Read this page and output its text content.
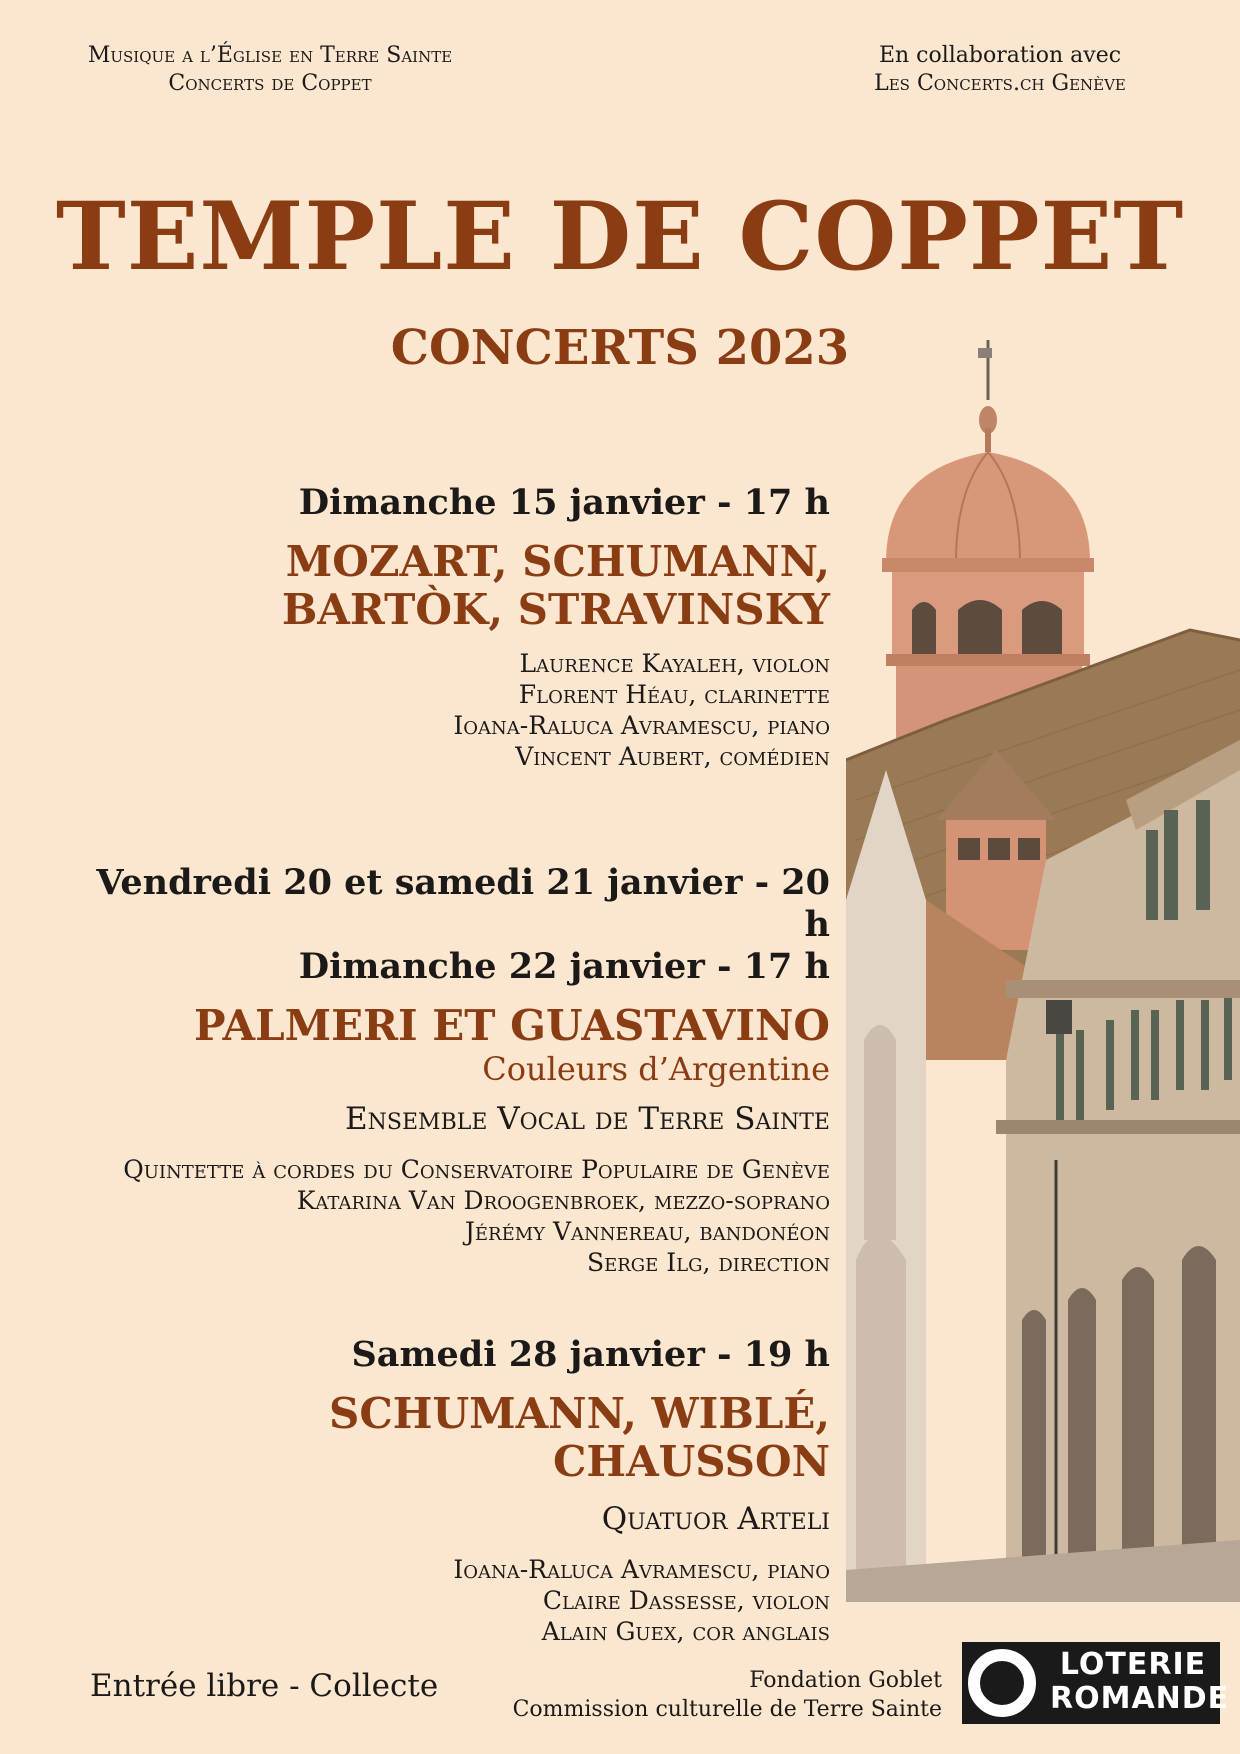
Musique a l’Église en Terre Sainte
Concerts de Coppet
En collaboration avec
Les Concerts.ch Genève
TEMPLE DE COPPET
CONCERTS 2023
Dimanche 15 janvier - 17 h
MOZART, SCHUMANN,
BARTÒK, STRAVINSKY
Laurence Kayaleh, violon
Florent Héau, clarinette
Ioana-Raluca Avramescu, piano
Vincent Aubert, comédien
Vendredi 20 et samedi 21 janvier - 20 h
Dimanche 22 janvier - 17 h
PALMERI ET GUASTAVINO
Couleurs d’Argentine
Ensemble Vocal de Terre Sainte
Quintette à cordes du Conservatoire Populaire de Genève
Katarina Van Droogenbroek, mezzo-soprano
Jérémy Vannereau, bandonéon
Serge Ilg, direction
Samedi 28 janvier - 19 h
SCHUMANN, WIBLÉ, CHAUSSON
Quatuor Arteli
Ioana-Raluca Avramescu, piano
Claire Dassesse, violon
Alain Guex, cor anglais
Entrée libre - Collecte	Fondation Goblet
Commission culturelle de Terre Sainte
LOTERIE
ROMANDE
